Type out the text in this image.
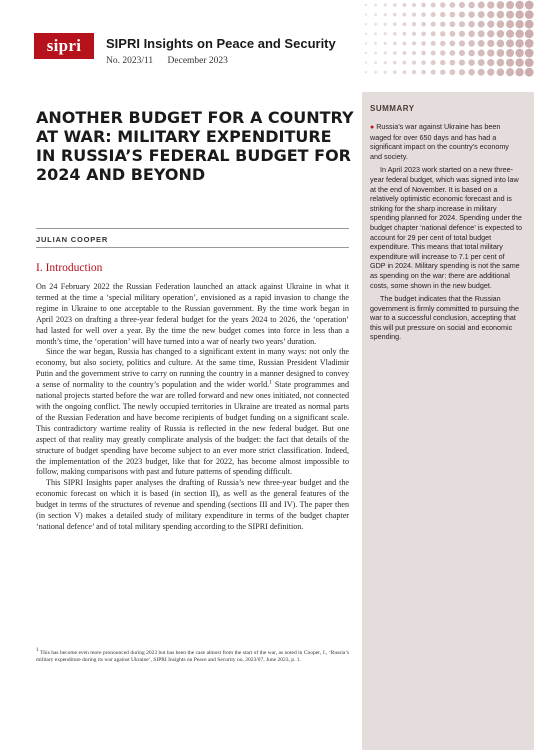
sipri	SIPRI Insights on Peace and Security
No. 2023/11 December 2023
SUMMARY

● Russia’s war against Ukraine has been waged for over 650 days and has had a significant impact on the country’s economy and society.

In April 2023 work started on a new three-year federal budget, which was signed into law at the end of November. It is based on a relatively optimistic economic forecast and is striking for the sharp increase in military spending planned for 2024. Spending under the budget chapter ‘national defence’ is expected to account for 29 per cent of total budget expenditure. This means that total military expenditure will increase to 7.1 per cent of GDP in 2024. Military spending is not the same as spending on the war: there are additional costs, some shown in the new budget.

The budget indicates that the Russian government is firmly committed to pursuing the war to a successful conclusion, accepting that this will put pressure on social and economic spending.

ANOTHER BUDGET FOR A COUNTRY AT WAR: MILITARY EXPENDITURE IN RUSSIA’S FEDERAL BUDGET FOR 2024 AND BEYOND
JULIAN COOPER
I. Introduction

On 24 February 2022 the Russian Federation launched an attack against Ukraine in what it termed at the time a ‘special military operation’, envisioned as a rapid invasion to change the regime in Ukraine to one acceptable to the Russian government. By the time work began in April 2023 on drafting a three-year federal budget for the years 2024 to 2026, the ‘operation’ had lasted for well over a year. By the time the new budget comes into force in less than a month’s time, the ‘operation’ will have turned into a war of nearly two years’ duration.

Since the war began, Russia has changed to a significant extent in many ways: not only the economy, but also society, politics and culture. At the same time, Russian President Vladimir Putin and the government strive to carry on running the country in a manner designed to convey a sense of normality to the country’s population and the wider world.$^1$ State programmes and national projects started before the war are rolled forward and new ones initiated, not connected with the ongoing conflict. The newly occupied territories in Ukraine are treated as normal parts of the Russian Federation and have become recipients of budget funding on a significant scale. This contradictory wartime reality of Russia is reflected in the new federal budget. But one aspect of that reality may greatly complicate analysis of the budget: the fact that details of the structure of budget spending have become subject to an ever more strict classification. Indeed, the implementation of the 2023 budget, like that for 2022, has become almost impossible to follow, making comparisons with past and future patterns of spending difficult.

This SIPRI Insights paper analyses the drafting of Russia’s new three-year budget and the economic forecast on which it is based (in section II), as well as the general features of the budget in terms of the structures of revenue and spending (sections III and IV). The paper then (in section V) makes a detailed study of military expenditure in terms of the budget chapter ‘national defence’ and of total military spending according to the SIPRI definition.

$^1$ This has become even more pronounced during 2023 but has been the case almost from the start of the war, as noted in Cooper, J., ‘Russia’s military expenditure during its war against Ukraine’, SIPRI Insights on Peace and Security no. 2023/07, June 2023, p. 1.
